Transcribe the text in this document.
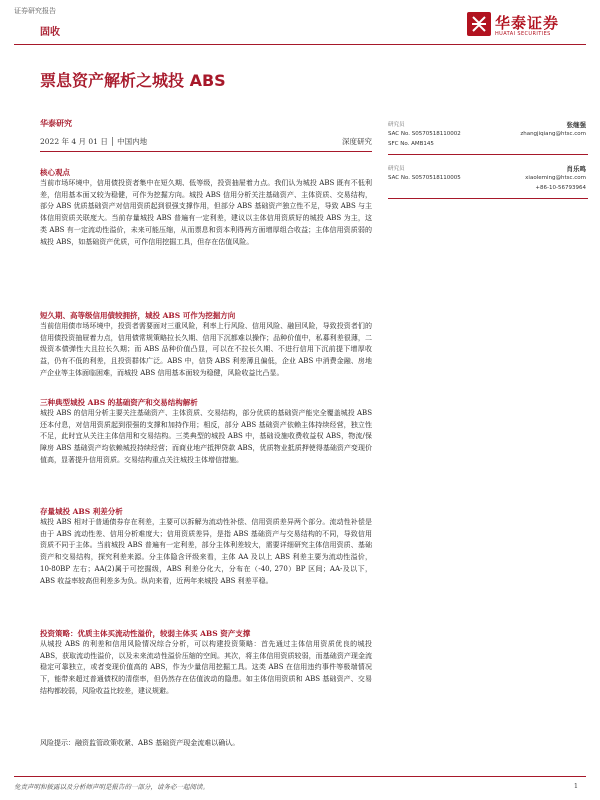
证券研究报告
固收
华泰证券
HUATAI SECURITIES
票息资产解析之城投 ABS
华泰研究
2022 年 4 月 01 日 │ 中国内地	深度研究
核心观点
当前市场环境中，信用债投资者集中在短久期、低等级，投资抽屉着力点。我们认为城投 ABS 既有不低利差，信用基本面又较为稳健，可作为挖掘方向。城投 ABS 信用分析关注基础资产、主体资质、交易结构，部分 ABS 优质基础资产对信用资质起到很强支撑作用，但部分 ABS 基础资产独立性不足，导致 ABS 与主体信用资质关联度大。当前存量城投 ABS 普遍有一定利差，建议以主体信用资质好的城投 ABS 为主，这类 ABS 有一定流动性溢价，未来可能压缩，从而票息和资本利得两方面增厚组合收益；主体信用资质弱的城投 ABS，如基础资产优质，可作信用挖掘工具，但存在估值风险。
短久期、高等级信用债较拥挤，城投 ABS 可作为挖掘方向
当前信用债市场环境中，投资者需要面对三重风险，利率上行风险、信用风险、融回风险，导致投资者们的信用债投资抽屉着力点，信用债常规策略拉长久期、信用下沉都难以操作；品种价值中，私募利差很薄，二级资本债弹性大且拉长久期；而 ABS 品种价值凸显，可以在不拉长久期、不进行信用下沉前提下增厚收益，仍有不低的利差，且投资群体广泛。ABS 中，信贷 ABS 利差薄且偏低，企业 ABS 中消费金融、房地产企业等主体面临困难，而城投 ABS 信用基本面较为稳健，风险收益比凸显。
三种典型城投 ABS 的基础资产和交易结构解析
城投 ABS 的信用分析主要关注基础资产、主体资质、交易结构，部分优质的基础资产能完全覆盖城投 ABS 还本付息，对信用资质起到很强的支撑和加持作用；相反，部分 ABS 基础资产依赖主体持续经营，独立性不足，此时宜从关注主体信用和交易结构。三类典型的城投 ABS 中，基础设施收费收益权 ABS，物流/保障房 ABS 基础资产均依赖城投持续经营；而商业地产抵押贷款 ABS，优质物业抵质押使得基础资产变现价值高，显著提升信用资质。交易结构重点关注城投主体增信措施。
存量城投 ABS 利差分析
城投 ABS 相对于普通债券存在利差，主要可以拆解为流动性补偿、信用资质差异两个部分。流动性补偿是由于 ABS 流动性差、信用分析难度大；信用资质差异，是指 ABS 基础资产与交易结构的不同，导致信用资质不同于主体。当前城投 ABS 普遍有一定利差，部分主体利差较大，需要详细研究主体信用资质、基础资产和交易结构，探究利差来源。分主体隐含评级来看，主体 AA 及以上 ABS 利差主要为流动性溢价，10-80BP 左右；AA(2)属于可挖掘级，ABS 利差分化大，分布在（-40, 270）BP 区间；AA-及以下，ABS 收益率较高但利差多为负。纵向来看，近两年来城投 ABS 利差平稳。
投资策略：优质主体买流动性溢价，较弱主体买 ABS 资产支撑
从城投 ABS 的利差和信用风险情况综合分析，可以构建投资策略：首先通过主体信用资质优良的城投 ABS，获取流动性溢价，以及未来流动性溢价压缩的空间。其次，将主体信用资质较弱，而基础资产现金流稳定可靠独立，或者变现价值高的 ABS，作为少量信用挖掘工具。这类 ABS 在信用违约事件等极端情况下，能带来超过普通债权的清偿率，但仍然存在估值波动的隐患。如主体信用资质和 ABS 基础资产、交易结构都较弱，风险收益比较差，建议规避。
风险提示：融资监管政策收紧、ABS 基础资产现金流难以确认。
研究员	张继强
SAC No. S0570518110002	zhangjiqiang@htsc.com
SFC No. AMB145
研究员	肖乐鸣
SAC No. S0570518110005	xiaoleming@htsc.com
+86-10-56793964
免责声明和披露以及分析师声明是报告的一部分，请务必一起阅读。	1
